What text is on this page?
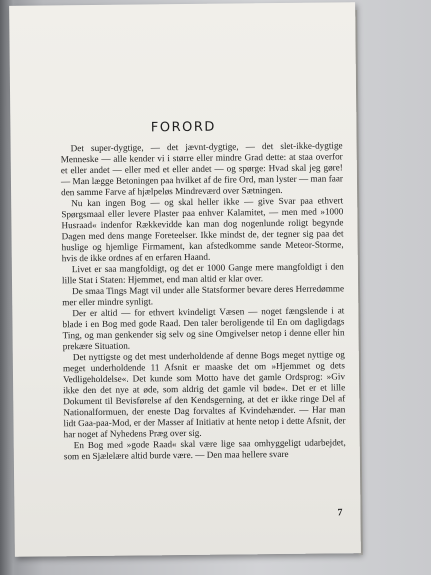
FORORD

Det super-dygtige, — det jævnt-dygtige, — det slet-ikke-dygtige Menneske — alle kender vi i større eller mindre Grad dette: at staa overfor et eller andet — eller med et eller andet — og spørge: Hvad skal jeg gøre! — Man lægge Betoningen paa hvilket af de fire Ord, man lyster — man faar den samme Farve af hjælpeløs Mindreværd over Sætningen.

Nu kan ingen Bog — og skal heller ikke — give Svar paa ethvert Spørgsmaal eller levere Plaster paa enhver Kalamitet, — men med »1000 Husraad« indenfor Rækkevidde kan man dog nogenlunde roligt begynde Dagen med dens mange Foreteelser. Ikke mindst de, der tegner sig paa det huslige og hjemlige Firmament, kan afstedkomme sande Meteor-Storme, hvis de ikke ordnes af en erfaren Haand.

Livet er saa mangfoldigt, og det er 1000 Gange mere mangfoldigt i den lille Stat i Staten: Hjemmet, end man altid er klar over.

De smaa Tings Magt vil under alle Statsformer bevare deres Herredømme mer eller mindre synligt.

Der er altid — for ethvert kvindeligt Væsen — noget fængslende i at blade i en Bog med gode Raad. Den taler beroligende til En om dagligdags Ting, og man genkender sig selv og sine Omgivelser netop i denne eller hin prekære Situation.

Det nyttigste og det mest underholdende af denne Bogs meget nyttige og meget underholdende 11 Afsnit er maaske det om »Hjemmet og dets Vedligeholdelse«. Det kunde som Motto have det gamle Ordsprog: »Giv ikke den det nye at øde, som aldrig det gamle vil bøde«. Det er et lille Dokument til Bevisførelse af den Kendsgerning, at det er ikke ringe Del af Nationalformuen, der eneste Dag forvaltes af Kvindehænder. — Har man lidt Gaa-paa-Mod, er der Masser af Initiativ at hente netop i dette Afsnit, der har noget af Nyhedens Præg over sig.

En Bog med »gode Raad« skal være lige saa omhyggeligt udarbejdet, som en Sjælelære altid burde være. — Den maa hellere svare

7
